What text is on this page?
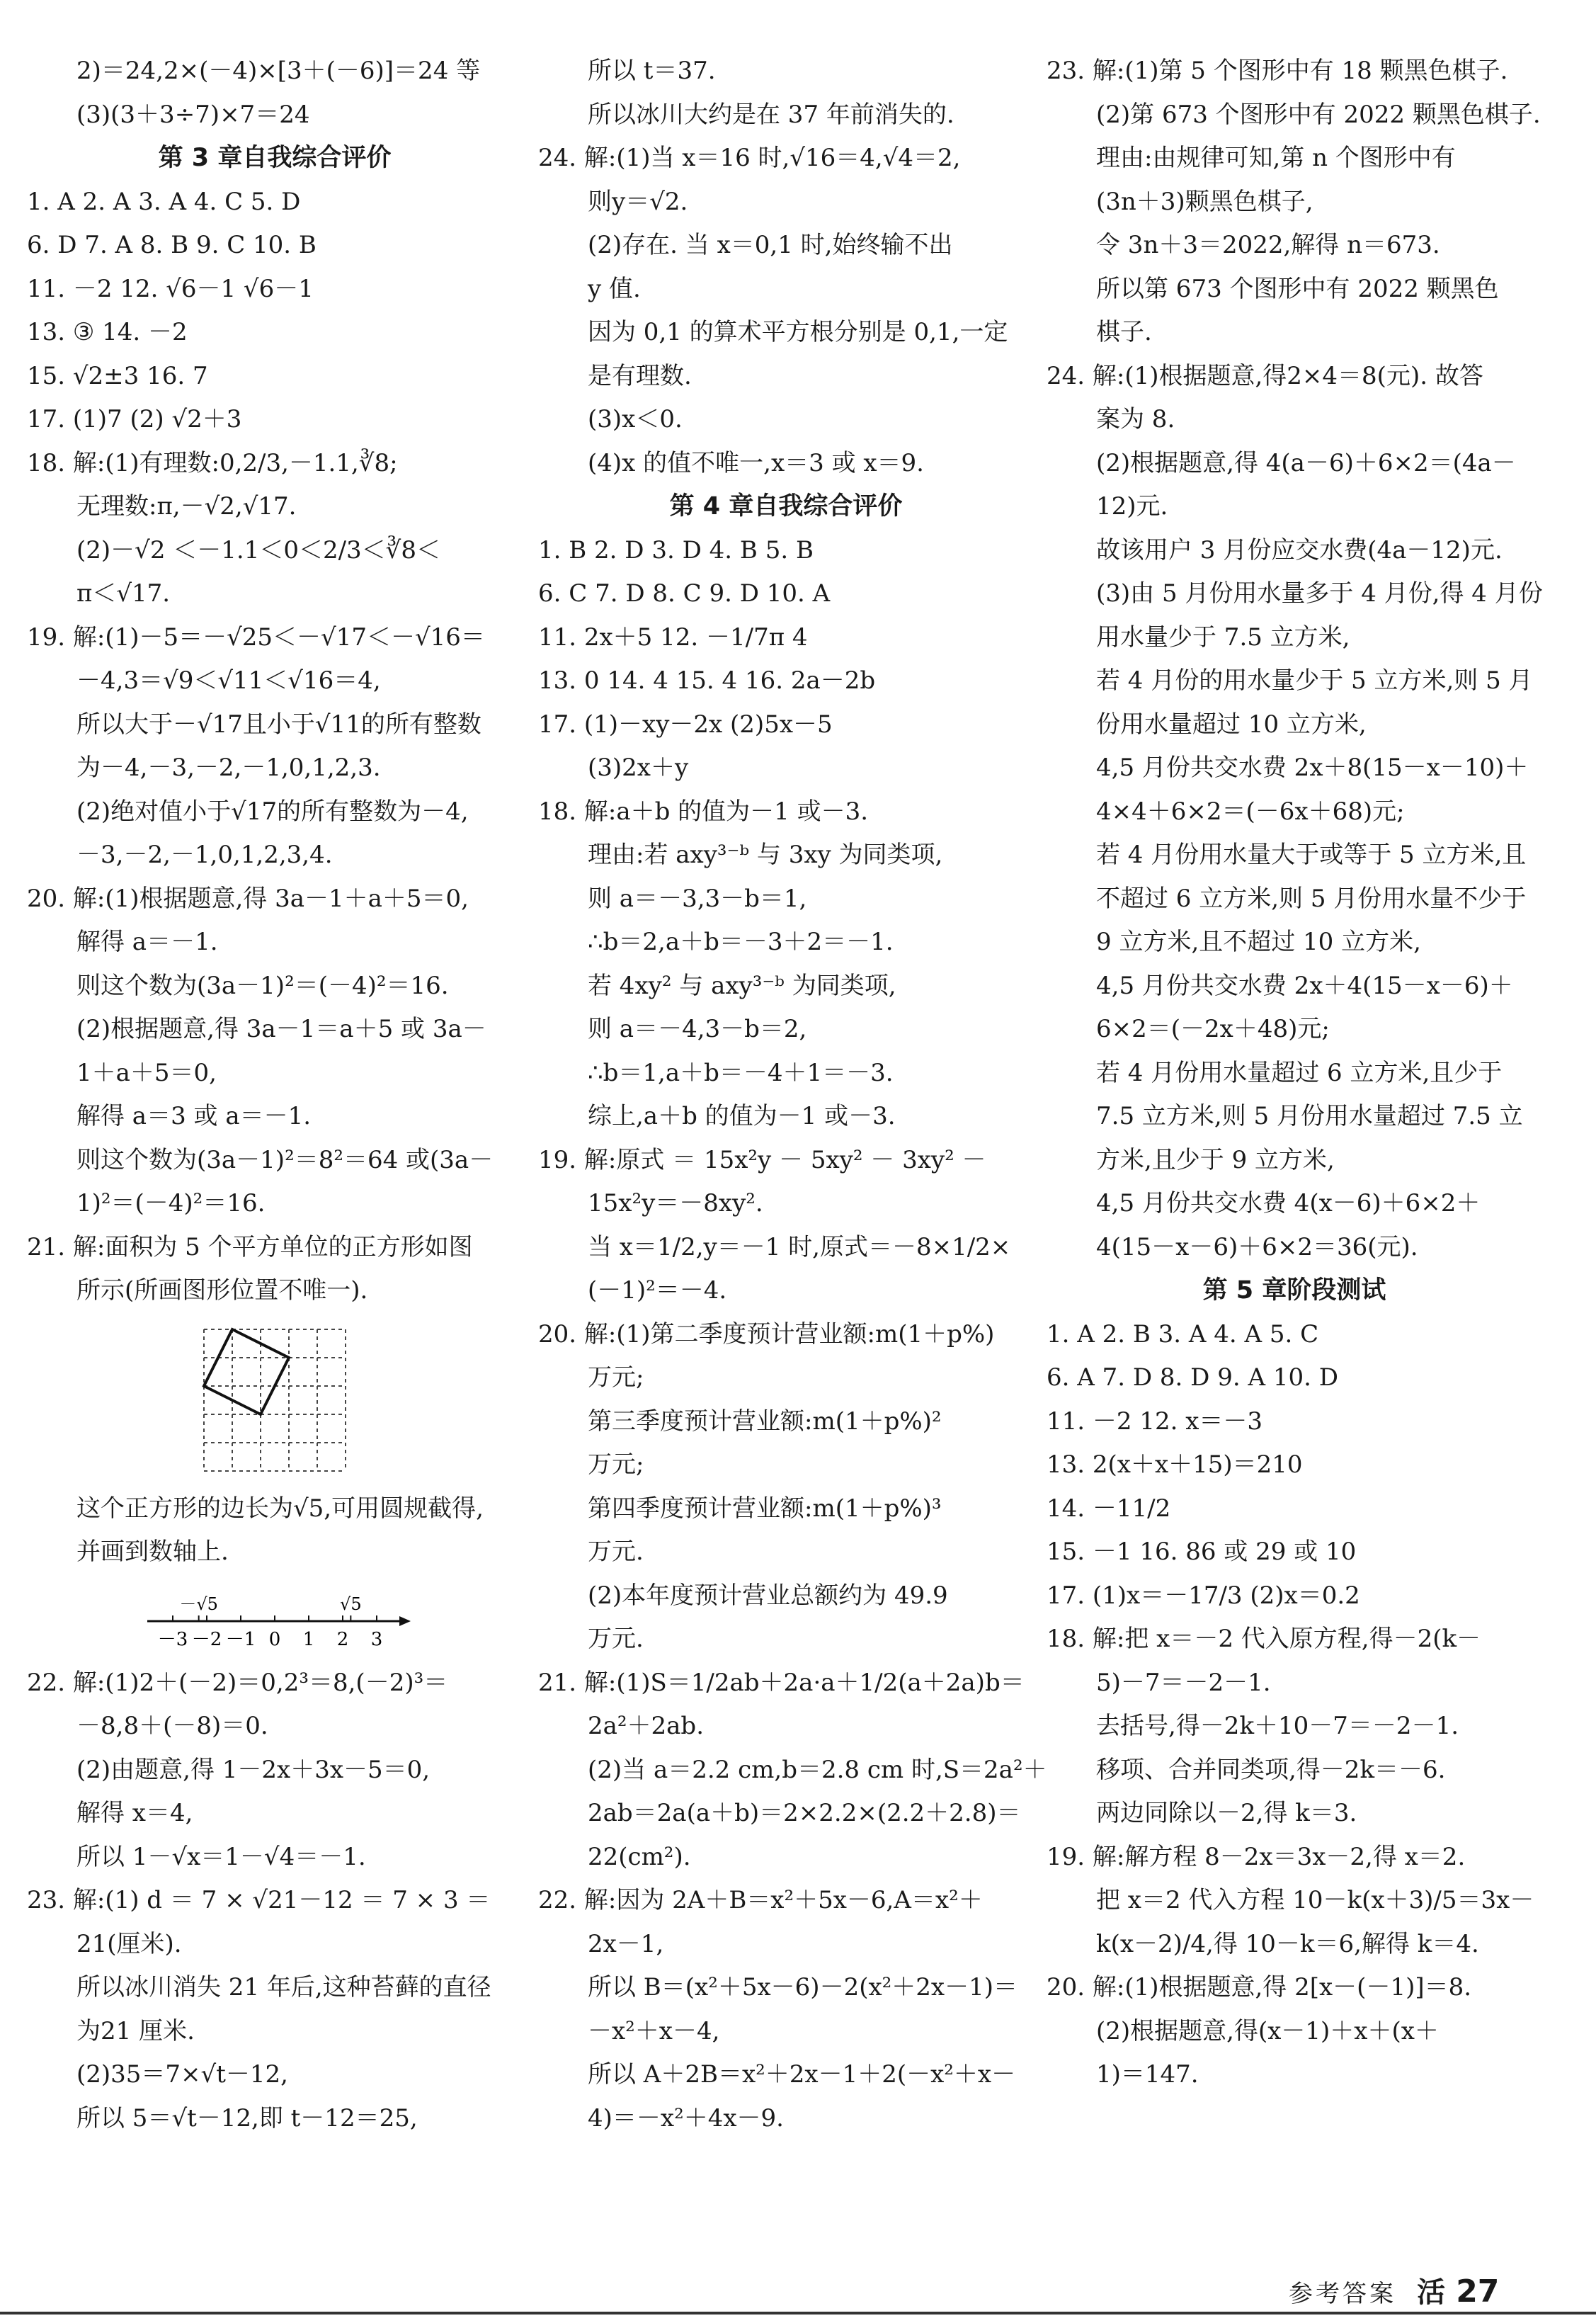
2)＝24,2×(－4)×[3＋(－6)]＝24 等
(3)(3＋3÷7)×7＝24
第 3 章自我综合评价
1. A 2. A 3. A 4. C 5. D
6. D 7. A 8. B 9. C 10. B
11. －2 12. √6－1 √6－1
13. ③ 14. －2
15. √2±3 16. 7
17. (1)7 (2) √2＋3
18. 解:(1)有理数:0,2/3,－1.1,∛8;
无理数:π,－√2,√17.
(2)－√2 ＜－1.1＜0＜2/3＜∛8＜
π＜√17.
19. 解:(1)－5＝－√25＜－√17＜－√16＝
－4,3＝√9＜√11＜√16＝4,
所以大于－√17且小于√11的所有整数
为－4,－3,－2,－1,0,1,2,3.
(2)绝对值小于√17的所有整数为－4,
－3,－2,－1,0,1,2,3,4.
20. 解:(1)根据题意,得 3a－1＋a＋5＝0,
解得 a＝－1.
则这个数为(3a－1)²＝(－4)²＝16.
(2)根据题意,得 3a－1＝a＋5 或 3a－
1＋a＋5＝0,
解得 a＝3 或 a＝－1.
则这个数为(3a－1)²＝8²＝64 或(3a－
1)²＝(－4)²＝16.
21. 解:面积为 5 个平方单位的正方形如图
所示(所画图形位置不唯一).
这个正方形的边长为√5,可用圆规截得,
并画到数轴上.
－3 －2 －1 0 1 2 3
－√5	√5
22. 解:(1)2＋(－2)＝0,2³＝8,(－2)³＝
－8,8＋(－8)＝0.
(2)由题意,得 1－2x＋3x－5＝0,
解得 x＝4,
所以 1－√x＝1－√4＝－1.
23. 解:(1) d ＝ 7 × √21－12 ＝ 7 × 3 ＝
21(厘米).
所以冰川消失 21 年后,这种苔藓的直径
为21 厘米.
(2)35＝7×√t－12,
所以 5＝√t－12,即 t－12＝25,
所以 t＝37.
所以冰川大约是在 37 年前消失的.
24. 解:(1)当 x＝16 时,√16＝4,√4＝2,
则y＝√2.
(2)存在. 当 x＝0,1 时,始终输不出
y 值.
因为 0,1 的算术平方根分别是 0,1,一定
是有理数.
(3)x＜0.
(4)x 的值不唯一,x＝3 或 x＝9.
第 4 章自我综合评价
1. B 2. D 3. D 4. B 5. B
6. C 7. D 8. C 9. D 10. A
11. 2x＋5 12. －1/7π 4
13. 0 14. 4 15. 4 16. 2a－2b
17. (1)－xy－2x (2)5x－5
(3)2x＋y
18. 解:a＋b 的值为－1 或－3.
理由:若 axy³⁻ᵇ 与 3xy 为同类项,
则 a＝－3,3－b＝1,
∴b＝2,a＋b＝－3＋2＝－1.
若 4xy² 与 axy³⁻ᵇ 为同类项,
则 a＝－4,3－b＝2,
∴b＝1,a＋b＝－4＋1＝－3.
综上,a＋b 的值为－1 或－3.
19. 解:原式 ＝ 15x²y － 5xy² － 3xy² －
15x²y＝－8xy².
当 x＝1/2,y＝－1 时,原式＝－8×1/2×
(－1)²＝－4.
20. 解:(1)第二季度预计营业额:m(1＋p%)
万元;
第三季度预计营业额:m(1＋p%)²
万元;
第四季度预计营业额:m(1＋p%)³
万元.
(2)本年度预计营业总额约为 49.9
万元.
21. 解:(1)S＝1/2ab＋2a·a＋1/2(a＋2a)b＝
2a²＋2ab.
(2)当 a＝2.2 cm,b＝2.8 cm 时,S＝2a²＋
2ab＝2a(a＋b)＝2×2.2×(2.2＋2.8)＝
22(cm²).
22. 解:因为 2A＋B＝x²＋5x－6,A＝x²＋
2x－1,
所以 B＝(x²＋5x－6)－2(x²＋2x－1)＝
－x²＋x－4,
所以 A＋2B＝x²＋2x－1＋2(－x²＋x－
4)＝－x²＋4x－9.
23. 解:(1)第 5 个图形中有 18 颗黑色棋子.
(2)第 673 个图形中有 2022 颗黑色棋子.
理由:由规律可知,第 n 个图形中有
(3n＋3)颗黑色棋子,
令 3n＋3＝2022,解得 n＝673.
所以第 673 个图形中有 2022 颗黑色
棋子.
24. 解:(1)根据题意,得2×4＝8(元). 故答
案为 8.
(2)根据题意,得 4(a－6)＋6×2＝(4a－
12)元.
故该用户 3 月份应交水费(4a－12)元.
(3)由 5 月份用水量多于 4 月份,得 4 月份
用水量少于 7.5 立方米,
若 4 月份的用水量少于 5 立方米,则 5 月
份用水量超过 10 立方米,
4,5 月份共交水费 2x＋8(15－x－10)＋
4×4＋6×2＝(－6x＋68)元;
若 4 月份用水量大于或等于 5 立方米,且
不超过 6 立方米,则 5 月份用水量不少于
9 立方米,且不超过 10 立方米,
4,5 月份共交水费 2x＋4(15－x－6)＋
6×2＝(－2x＋48)元;
若 4 月份用水量超过 6 立方米,且少于
7.5 立方米,则 5 月份用水量超过 7.5 立
方米,且少于 9 立方米,
4,5 月份共交水费 4(x－6)＋6×2＋
4(15－x－6)＋6×2＝36(元).
第 5 章阶段测试
1. A 2. B 3. A 4. A 5. C
6. A 7. D 8. D 9. A 10. D
11. －2 12. x＝－3
13. 2(x＋x＋15)＝210
14. －11/2
15. －1 16. 86 或 29 或 10
17. (1)x＝－17/3 (2)x＝0.2
18. 解:把 x＝－2 代入原方程,得－2(k－
5)－7＝－2－1.
去括号,得－2k＋10－7＝－2－1.
移项、合并同类项,得－2k＝－6.
两边同除以－2,得 k＝3.
19. 解:解方程 8－2x＝3x－2,得 x＝2.
把 x＝2 代入方程 10－k(x＋3)/5＝3x－
k(x－2)/4,得 10－k＝6,解得 k＝4.
20. 解:(1)根据题意,得 2[x－(－1)]＝8.
(2)根据题意,得(x－1)＋x＋(x＋
1)＝147.
参考答案 活 27
